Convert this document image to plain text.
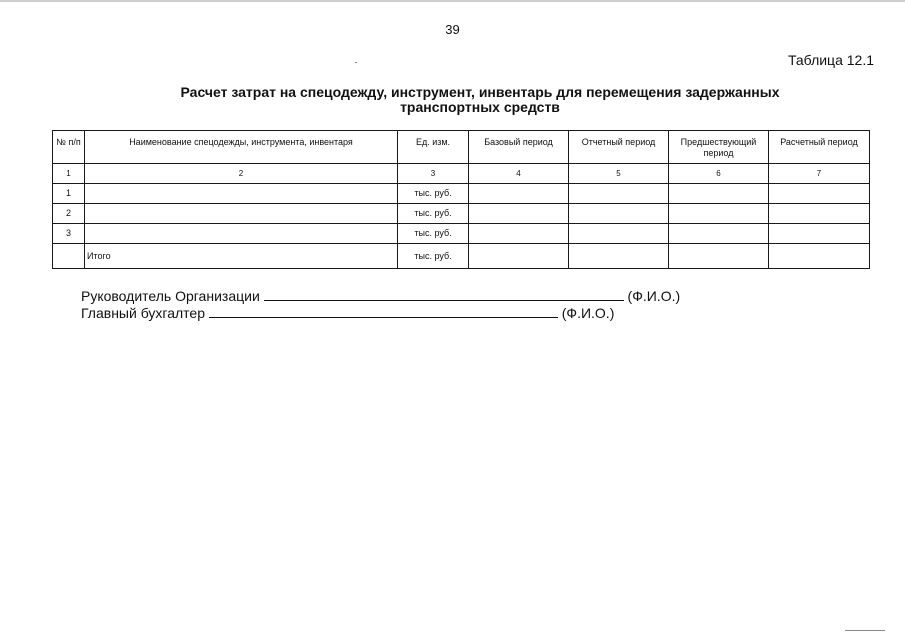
39
Таблица 12.1
Расчет затрат на спецодежду, инструмент, инвентарь для перемещения задержанных транспортных средств
№ п/п	Наименование спецодежды, инструмента, инвентаря	Ед. изм.	Базовый период	Отчетный период	Предшествующий период	Расчетный период
1	2	3	4	5	6	7
1		тыс. руб.				
2		тыс. руб.				
3		тыс. руб.				
	Итого	тыс. руб.				
Руководитель Организации	(Ф.И.О.)
Главный бухгалтер	(Ф.И.О.)
